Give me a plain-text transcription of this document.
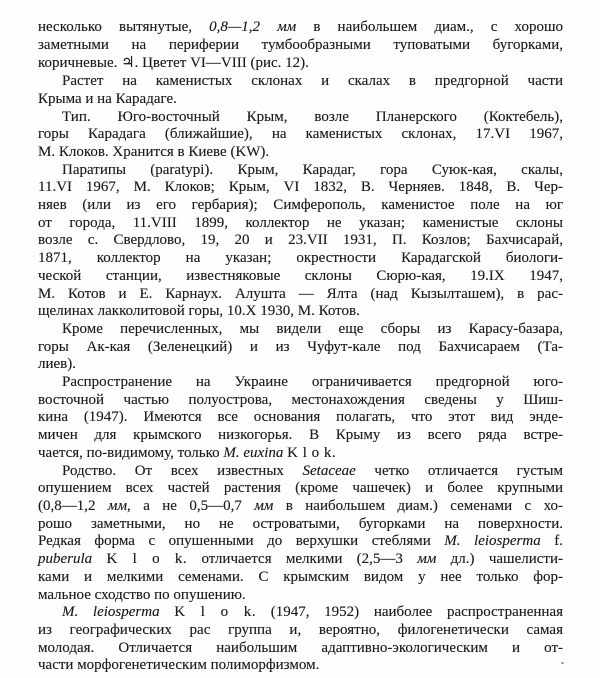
несколько вытянутые, 0,8—1,2 мм в наибольшем диам., с хорошо
заметными на периферии тумбообразными туповатыми бугорками,
коричневые. ♃. Цветет VI—VIII (рис. 12).
Растет на каменистых склонах и скалах в предгорной части
Крыма и на Карадаге.
Тип. Юго-восточный Крым, возле Планерского (Коктебель),
горы Карадага (ближайшие), на каменистых склонах, 17.VI 1967,
М. Клоков. Хранится в Киеве (KW).
Паратипы (paratypi). Крым, Карадаг, гора Суюк-кая, скалы,
11.VI 1967, М. Клоков; Крым, VI 1832, В. Черняев. 1848, В. Чер-
няев (или из его гербария); Симферополь, каменистое поле на юг
от города, 11.VIII 1899, коллектор не указан; каменистые склоны
возле с. Свердлово, 19, 20 и 23.VII 1931, П. Козлов; Бахчисарай,
1871, коллектор на указан; окрестности Карадагской биологи-
ческой станции, известняковые склоны Сюрю-кая, 19.IX 1947,
М. Котов и Е. Карнаух. Алушта — Ялта (над Кызылташем), в рас-
щелинах лакколитовой горы, 10.X 1930, М. Котов.
Кроме перечисленных, мы видели еще сборы из Карасу-базара,
горы Ак-кая (Зеленецкий) и из Чуфут-кале под Бахчисараем (Та-
лиев).
Распространение на Украине ограничивается предгорной юго-
восточной частью полуострова, местонахождения сведены у Шиш-
кина (1947). Имеются все основания полагать, что этот вид энде-
мичен для крымского низкогорья. В Крыму из всего ряда встре-
чается, по-видимому, только M. euxina K l o k.
Родство. От всех известных Setaceae четко отличается густым
опушением всех частей растения (кроме чашечек) и более крупными
(0,8—1,2 мм, а не 0,5—0,7 мм в наибольшем диам.) семенами с хо-
рошо заметными, но не островатыми, бугорками на поверхности.
Редкая форма с опушенными до верхушки стеблями M. leiosperma f.
puberula K l o k. отличается мелкими (2,5—3 мм дл.) чашелисти-
ками и мелкими семенами. С крымским видом у нее только фор-
мальное сходство по опушению.
M. leiosperma K l o k. (1947, 1952) наиболее распространенная
из географических рас группа и, вероятно, филогенетически самая
молодая. Отличается наибольшим адаптивно-экологическим и от-
части морфогенетическим полиморфизмом.
